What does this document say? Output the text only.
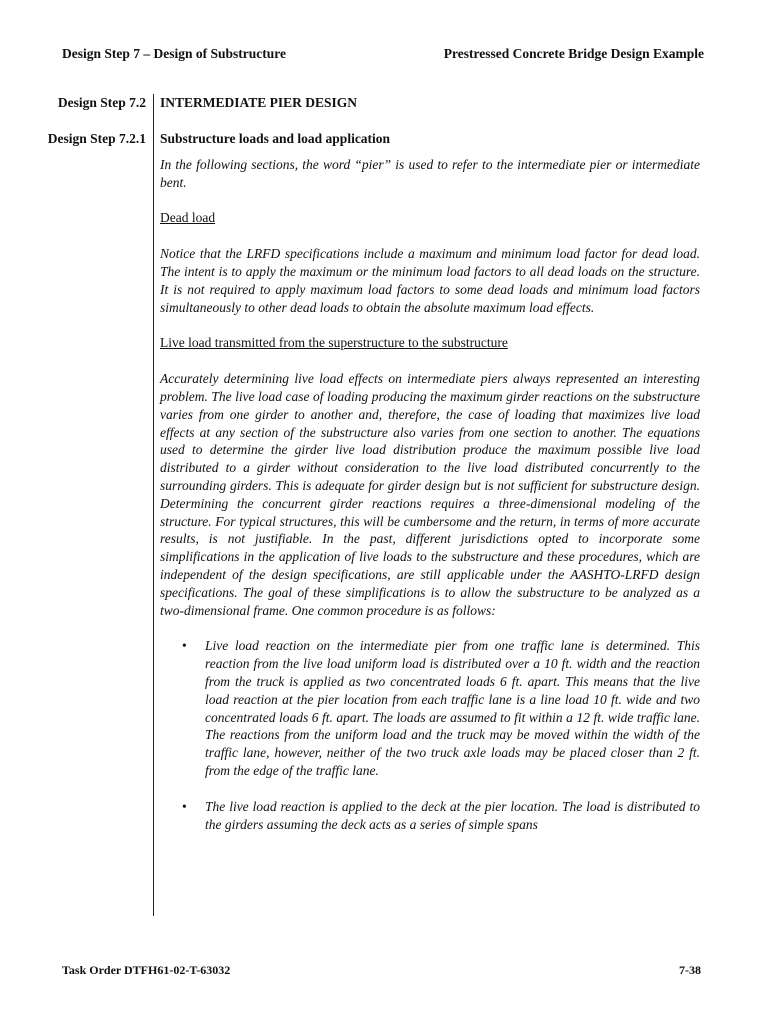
Design Step 7 – Design of Substructure	Prestressed Concrete Bridge Design Example
Design Step 7.2
Design Step 7.2.1

INTERMEDIATE PIER DESIGN

Substructure loads and load application

In the following sections, the word “pier” is used to refer to the intermediate pier or intermediate bent.

Dead load

Notice that the LRFD specifications include a maximum and minimum load factor for dead load. The intent is to apply the maximum or the minimum load factors to all dead loads on the structure. It is not required to apply maximum load factors to some dead loads and minimum load factors simultaneously to other dead loads to obtain the absolute maximum load effects.

Live load transmitted from the superstructure to the substructure

Accurately determining live load effects on intermediate piers always represented an interesting problem. The live load case of loading producing the maximum girder reactions on the substructure varies from one girder to another and, therefore, the case of loading that maximizes live load effects at any section of the substructure also varies from one section to another. The equations used to determine the girder live load distribution produce the maximum possible live load distributed to a girder without consideration to the live load distributed concurrently to the surrounding girders. This is adequate for girder design but is not sufficient for substructure design. Determining the concurrent girder reactions requires a three-dimensional modeling of the structure. For typical structures, this will be cumbersome and the return, in terms of more accurate results, is not justifiable. In the past, different jurisdictions opted to incorporate some simplifications in the application of live loads to the substructure and these procedures, which are independent of the design specifications, are still applicable under the AASHTO-LRFD design specifications. The goal of these simplifications is to allow the substructure to be analyzed as a two-dimensional frame. One common procedure is as follows:

• Live load reaction on the intermediate pier from one traffic lane is determined. This reaction from the live load uniform load is distributed over a 10 ft. width and the reaction from the truck is applied as two concentrated loads 6 ft. apart. This means that the live load reaction at the pier location from each traffic lane is a line load 10 ft. wide and two concentrated loads 6 ft. apart. The loads are assumed to fit within a 12 ft. wide traffic lane. The reactions from the uniform load and the truck may be moved within the width of the traffic lane, however, neither of the two truck axle loads may be placed closer than 2 ft. from the edge of the traffic lane.

• The live load reaction is applied to the deck at the pier location. The load is distributed to the girders assuming the deck acts as a series of simple spans

Task Order DTFH61-02-T-63032	7-38
